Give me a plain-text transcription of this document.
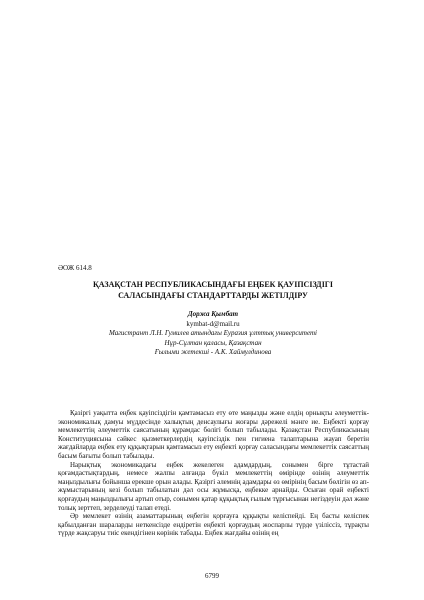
ӘОЖ 614.8
ҚАЗАҚСТАН РЕСПУБЛИКАСЫНДАҒЫ ЕҢБЕК ҚАУІПСІЗДІГІ
САЛАСЫНДАҒЫ СТАНДАРТТАРДЫ ЖЕТІЛДІРУ
Доржа Қымбат
kymbat-d@mail.ru
Магистрант Л.Н. Гумилев атындағы Еуразия ұлттық университеті
Нұр-Сұлтан қаласы, Қазақстан
Ғылыми жетекші - А.К. Хаймулдинова

Қазіргі уақытта еңбек қауіпсіздігін қамтамасыз ету өте маңызды және елдің орнықты әлеуметтік-экономикалық дамуы мүддесінде халықтың денсаулығы жоғары дәрежелі мәнге ие. Еңбекті қорғау мемлекеттің әлеуметтік саясатының құрамдас бөлігі болып табылады. Қазақстан Республикасының Конституциясына сәйкес қызметкерлердің қауіпсіздік пен гигиена талаптарына жауап беретін жағдайларда еңбек ету құқықтарын қамтамасыз ету еңбекті қорғау саласындағы мемлекеттік саясаттың басым бағыты болып табылады.

Нарықтық экономикадағы еңбек жекелеген адамдардың, сонымен бірге тұтастай қоғамдастықтардың, немесе жалпы алғанда бүкіл мемлекеттің өмірінде өзінің әлеуметтік маңыздылығы бойынша ерекше орын алады. Қазіргі әлемнің адамдары өз өмірінің басым бөлігін өз ап-жұмыстарының кезі болып табылатын дәл осы жұмысқа, еңбекке арнайды. Осыған орай еңбекті қорғаудың маңыздылығы артып отыр, сонымен қатар құқықтық ғылым тұрғысынан негіздеуін дәл және толық зерттеп, зерделеуді талап етеді.

Әр мемлекет өзінің азаматтарының еңбегін қорғауға құқықты келіспейді. Ең басты келіспек қабылданған шараларды неткенсізде ендіретін еңбекті қорғаудың жоспарлы түрде үзіліссіз, тұрақты түрде жақсаруы тиіс екендігінен көрінік табады. Еңбек жағдайы өзінің ең

6799
